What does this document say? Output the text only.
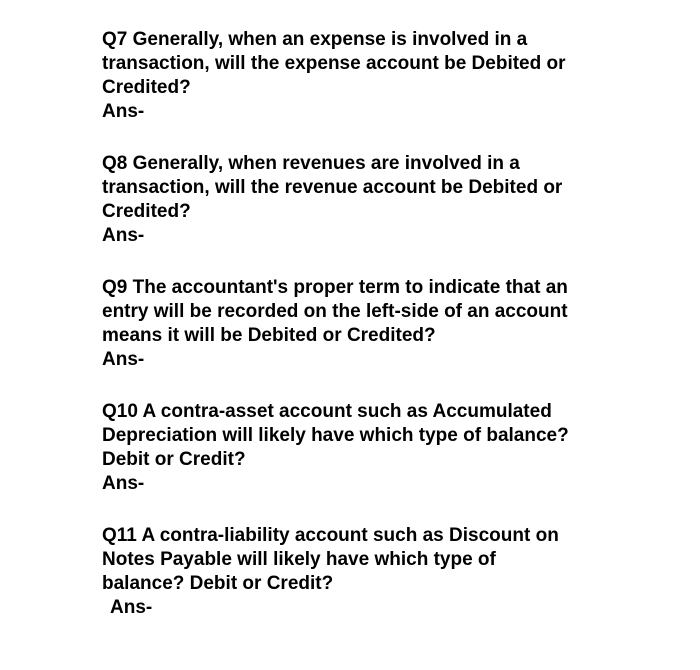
Q7 Generally, when an expense is involved in a
transaction, will the expense account be Debited or
Credited?
Ans-
Q8 Generally, when revenues are involved in a
transaction, will the revenue account be Debited or
Credited?
Ans-
Q9 The accountant's proper term to indicate that an
entry will be recorded on the left-side of an account
means it will be Debited or Credited?
Ans-
Q10 A contra-asset account such as Accumulated
Depreciation will likely have which type of balance?
Debit or Credit?
Ans-
Q11 A contra-liability account such as Discount on
Notes Payable will likely have which type of
balance? Debit or Credit?
Ans-
